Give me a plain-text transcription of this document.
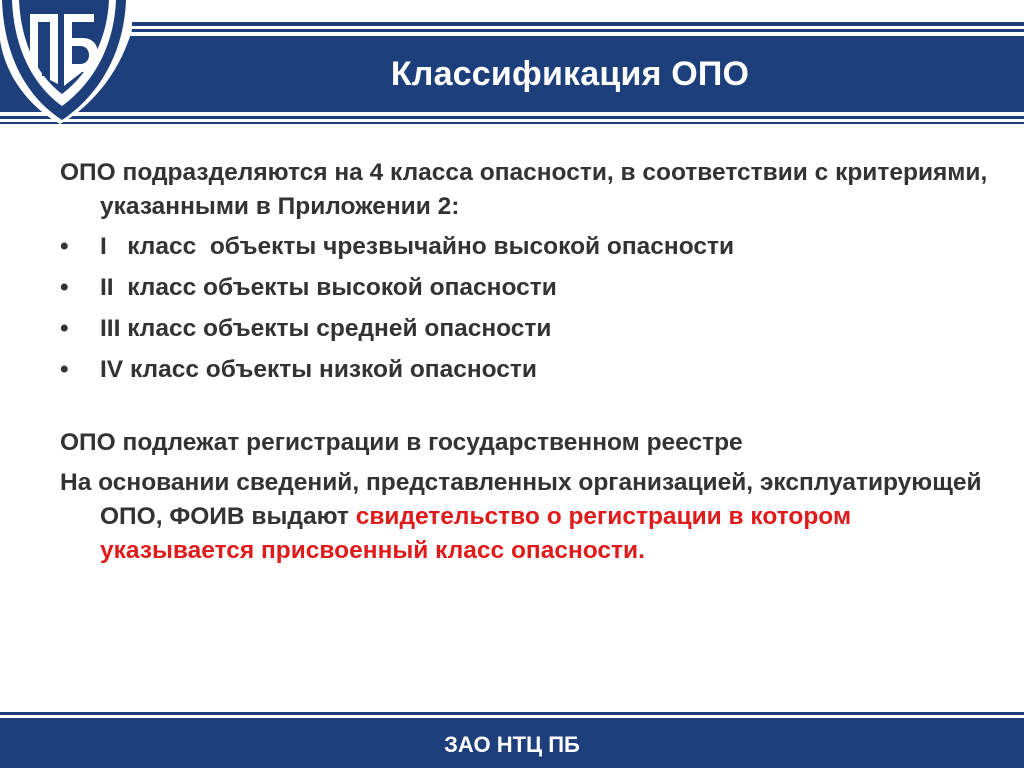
Классификация ОПО

ОПО подразделяются на 4 класса опасности, в соответствии с критериями,
указанными в Приложении 2:

•	I   класс  объекты чрезвычайно высокой опасности
•	II  класс объекты высокой опасности
•	III класс объекты средней опасности
•	IV класс объекты низкой опасности

ОПО подлежат регистрации в государственном реестре

На основании сведений, представленных организацией, эксплуатирующей
ОПО, ФОИВ выдают свидетельство о регистрации в котором
указывается присвоенный класс опасности.

ЗАО НТЦ ПБ
